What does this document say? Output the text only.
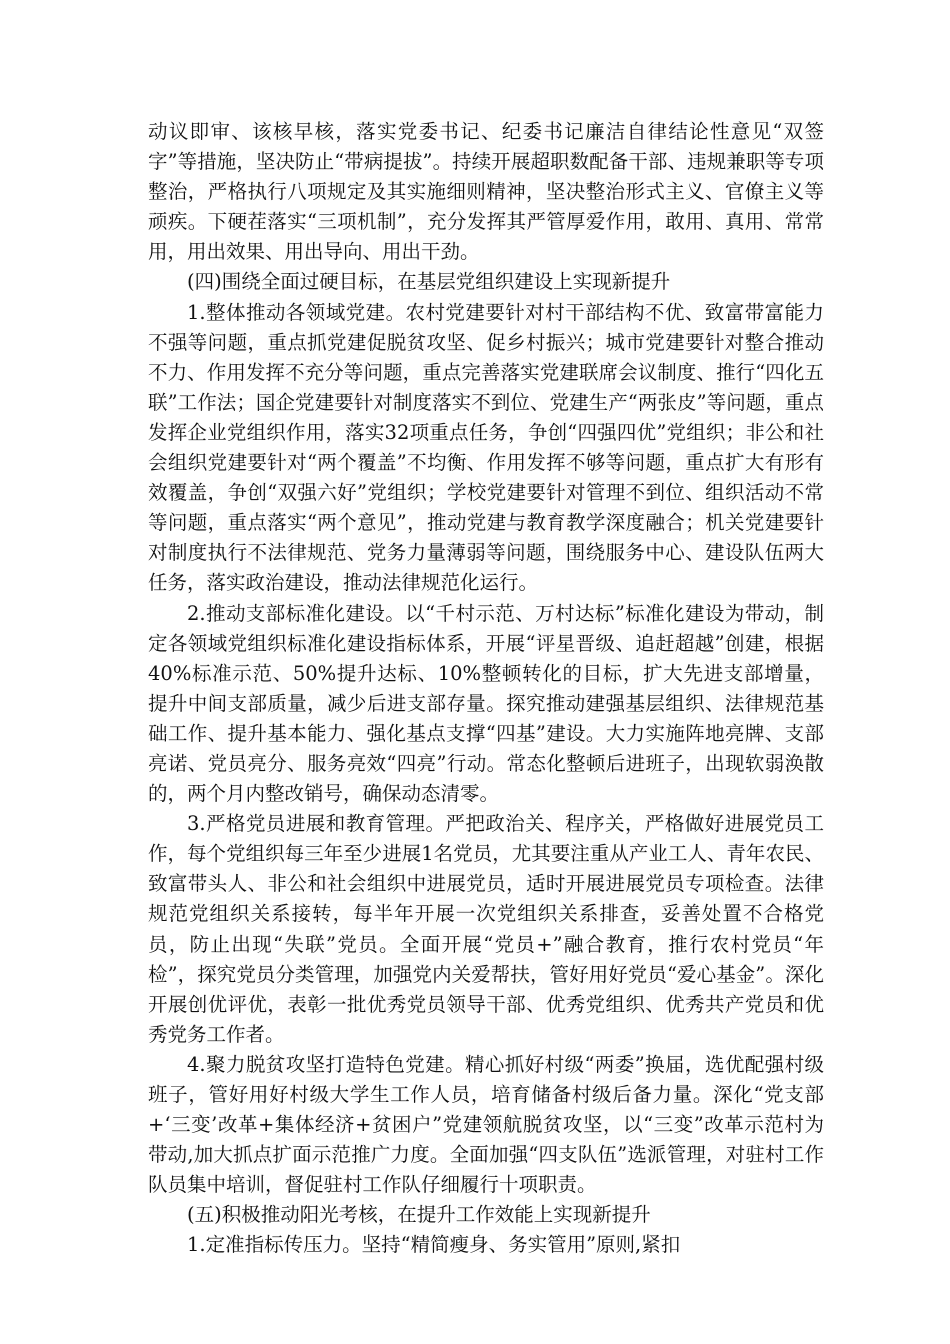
动议即审、该核早核，落实党委书记、纪委书记廉洁自律结论性意见“双签字”等措施，坚决防止“带病提拔”。持续开展超职数配备干部、违规兼职等专项整治，严格执行八项规定及其实施细则精神，坚决整治形式主义、官僚主义等顽疾。下硬茬落实“三项机制”，充分发挥其严管厚爱作用，敢用、真用、常常用，用出效果、用出导向、用出干劲。

(四)围绕全面过硬目标，在基层党组织建设上实现新提升

1.整体推动各领域党建。农村党建要针对村干部结构不优、致富带富能力不强等问题，重点抓党建促脱贫攻坚、促乡村振兴；城市党建要针对整合推动不力、作用发挥不充分等问题，重点完善落实党建联席会议制度、推行“四化五联”工作法；国企党建要针对制度落实不到位、党建生产“两张皮”等问题，重点发挥企业党组织作用，落实32项重点任务，争创“四强四优”党组织；非公和社会组织党建要针对“两个覆盖”不均衡、作用发挥不够等问题，重点扩大有形有效覆盖，争创“双强六好”党组织；学校党建要针对管理不到位、组织活动不常等问题，重点落实“两个意见”，推动党建与教育教学深度融合；机关党建要针对制度执行不法律规范、党务力量薄弱等问题，围绕服务中心、建设队伍两大任务，落实政治建设，推动法律规范化运行。

2.推动支部标准化建设。以“千村示范、万村达标”标准化建设为带动，制定各领域党组织标准化建设指标体系，开展“评星晋级、追赶超越”创建，根据40%标准示范、50%提升达标、10%整顿转化的目标，扩大先进支部增量，提升中间支部质量，减少后进支部存量。探究推动建强基层组织、法律规范基础工作、提升基本能力、强化基点支撑“四基”建设。大力实施阵地亮牌、支部亮诺、党员亮分、服务亮效“四亮”行动。常态化整顿后进班子，出现软弱涣散的，两个月内整改销号，确保动态清零。

3.严格党员进展和教育管理。严把政治关、程序关，严格做好进展党员工作，每个党组织每三年至少进展1名党员，尤其要注重从产业工人、青年农民、致富带头人、非公和社会组织中进展党员，适时开展进展党员专项检查。法律规范党组织关系接转，每半年开展一次党组织关系排查，妥善处置不合格党员，防止出现“失联”党员。全面开展“党员+”融合教育，推行农村党员“年检”，探究党员分类管理，加强党内关爱帮扶，管好用好党员“爱心基金”。深化开展创优评优，表彰一批优秀党员领导干部、优秀党组织、优秀共产党员和优秀党务工作者。

4.聚力脱贫攻坚打造特色党建。精心抓好村级“两委”换届，选优配强村级班子，管好用好村级大学生工作人员，培育储备村级后备力量。深化“党支部+‘三变’改革+集体经济+贫困户”党建领航脱贫攻坚，以“三变”改革示范村为带动,加大抓点扩面示范推广力度。全面加强“四支队伍”选派管理，对驻村工作队员集中培训，督促驻村工作队仔细履行十项职责。

(五)积极推动阳光考核，在提升工作效能上实现新提升

1.定准指标传压力。坚持“精简瘦身、务实管用”原则,紧扣
